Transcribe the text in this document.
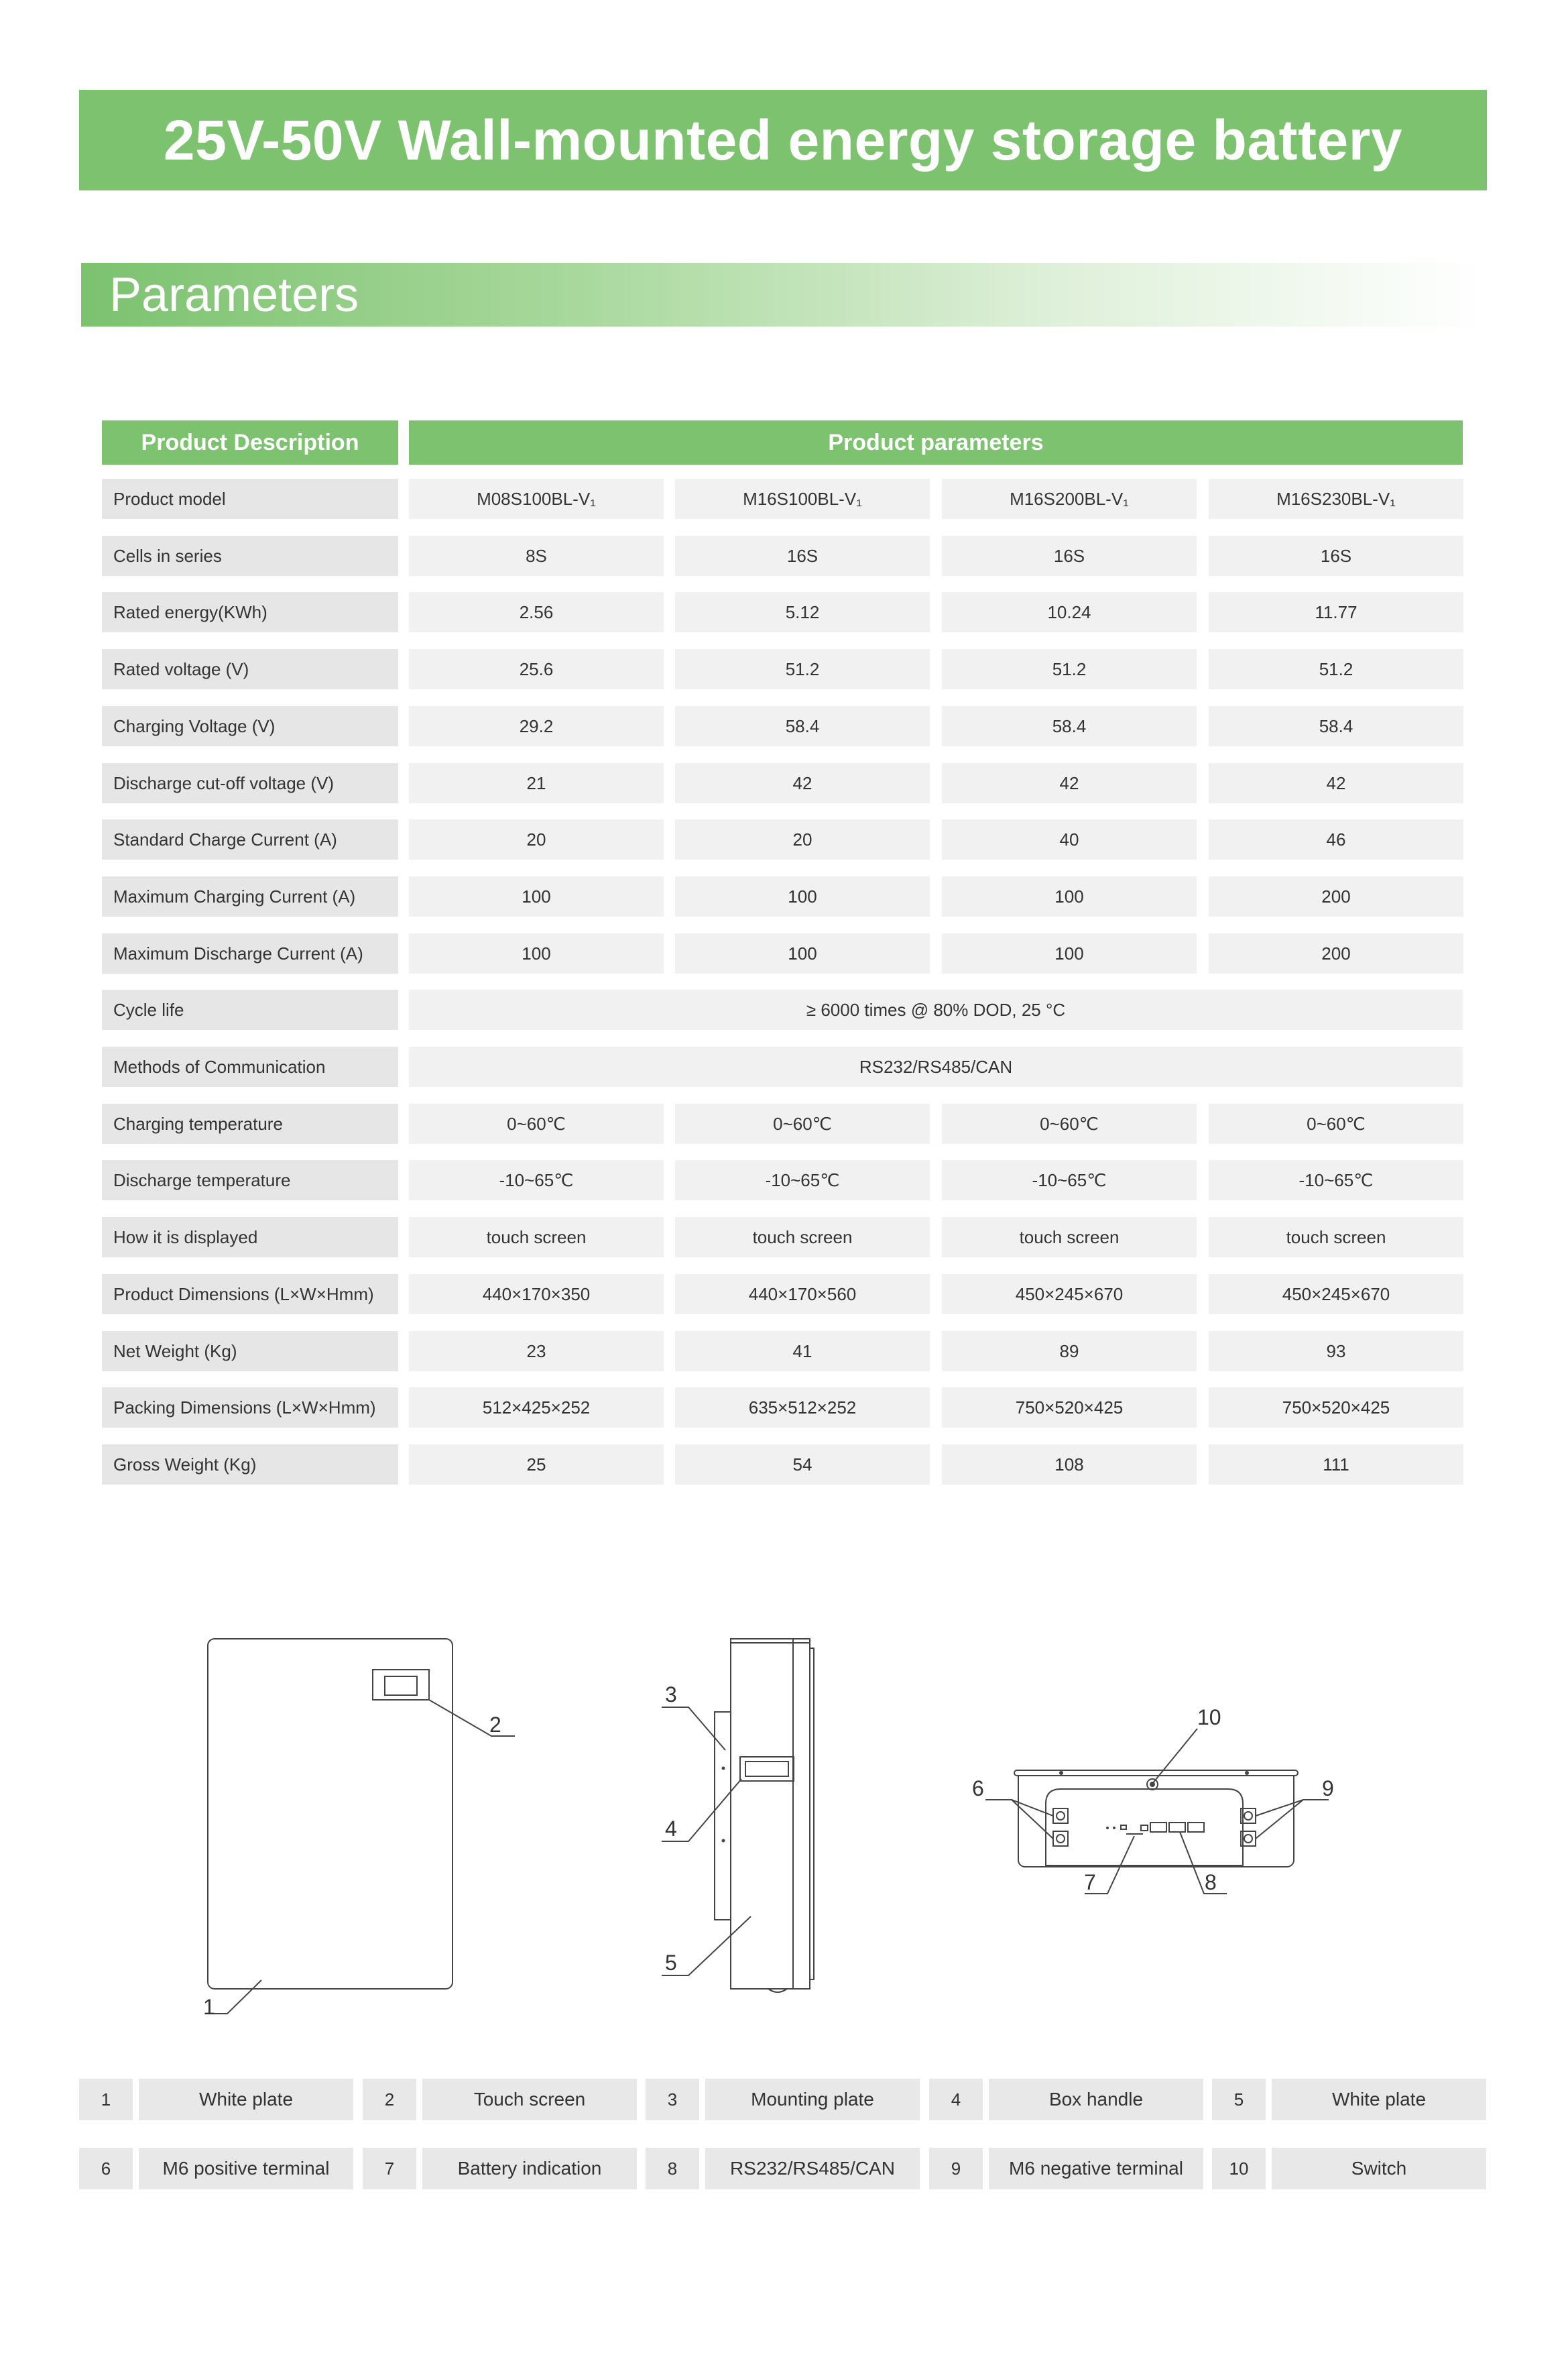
25V-50V Wall-mounted energy storage battery
Parameters
Product Description	Product parameters
Product model	M08S100BL-V₁	M16S100BL-V₁	M16S200BL-V₁	M16S230BL-V₁
Cells in series	8S	16S	16S	16S
Rated energy(KWh)	2.56	5.12	10.24	11.77
Rated voltage (V)	25.6	51.2	51.2	51.2
Charging Voltage (V)	29.2	58.4	58.4	58.4
Discharge cut-off voltage (V)	21	42	42	42
Standard Charge Current (A)	20	20	40	46
Maximum Charging Current (A)	100	100	100	200
Maximum Discharge Current (A)	100	100	100	200
Cycle life	≥ 6000 times @ 80% DOD, 25 °C
Methods of Communication	RS232/RS485/CAN
Charging temperature	0~60℃	0~60℃	0~60℃	0~60℃
Discharge temperature	-10~65℃	-10~65℃	-10~65℃	-10~65℃
How it is displayed	touch screen	touch screen	touch screen	touch screen
Product Dimensions (L×W×Hmm)	440×170×350	440×170×560	450×245×670	450×245×670
Net Weight (Kg)	23	41	89	93
Packing Dimensions (L×W×Hmm)	512×425×252	635×512×252	750×520×425	750×520×425
Gross Weight (Kg)	25	54	108	111
1
2
3
4
5
6
7	8
9
10
1	White plate	2	Touch screen	3	Mounting plate	4	Box handle	5	White plate
6	M6 positive terminal	7	Battery indication	8	RS232/RS485/CAN	9	M6 negative terminal	10	Switch
